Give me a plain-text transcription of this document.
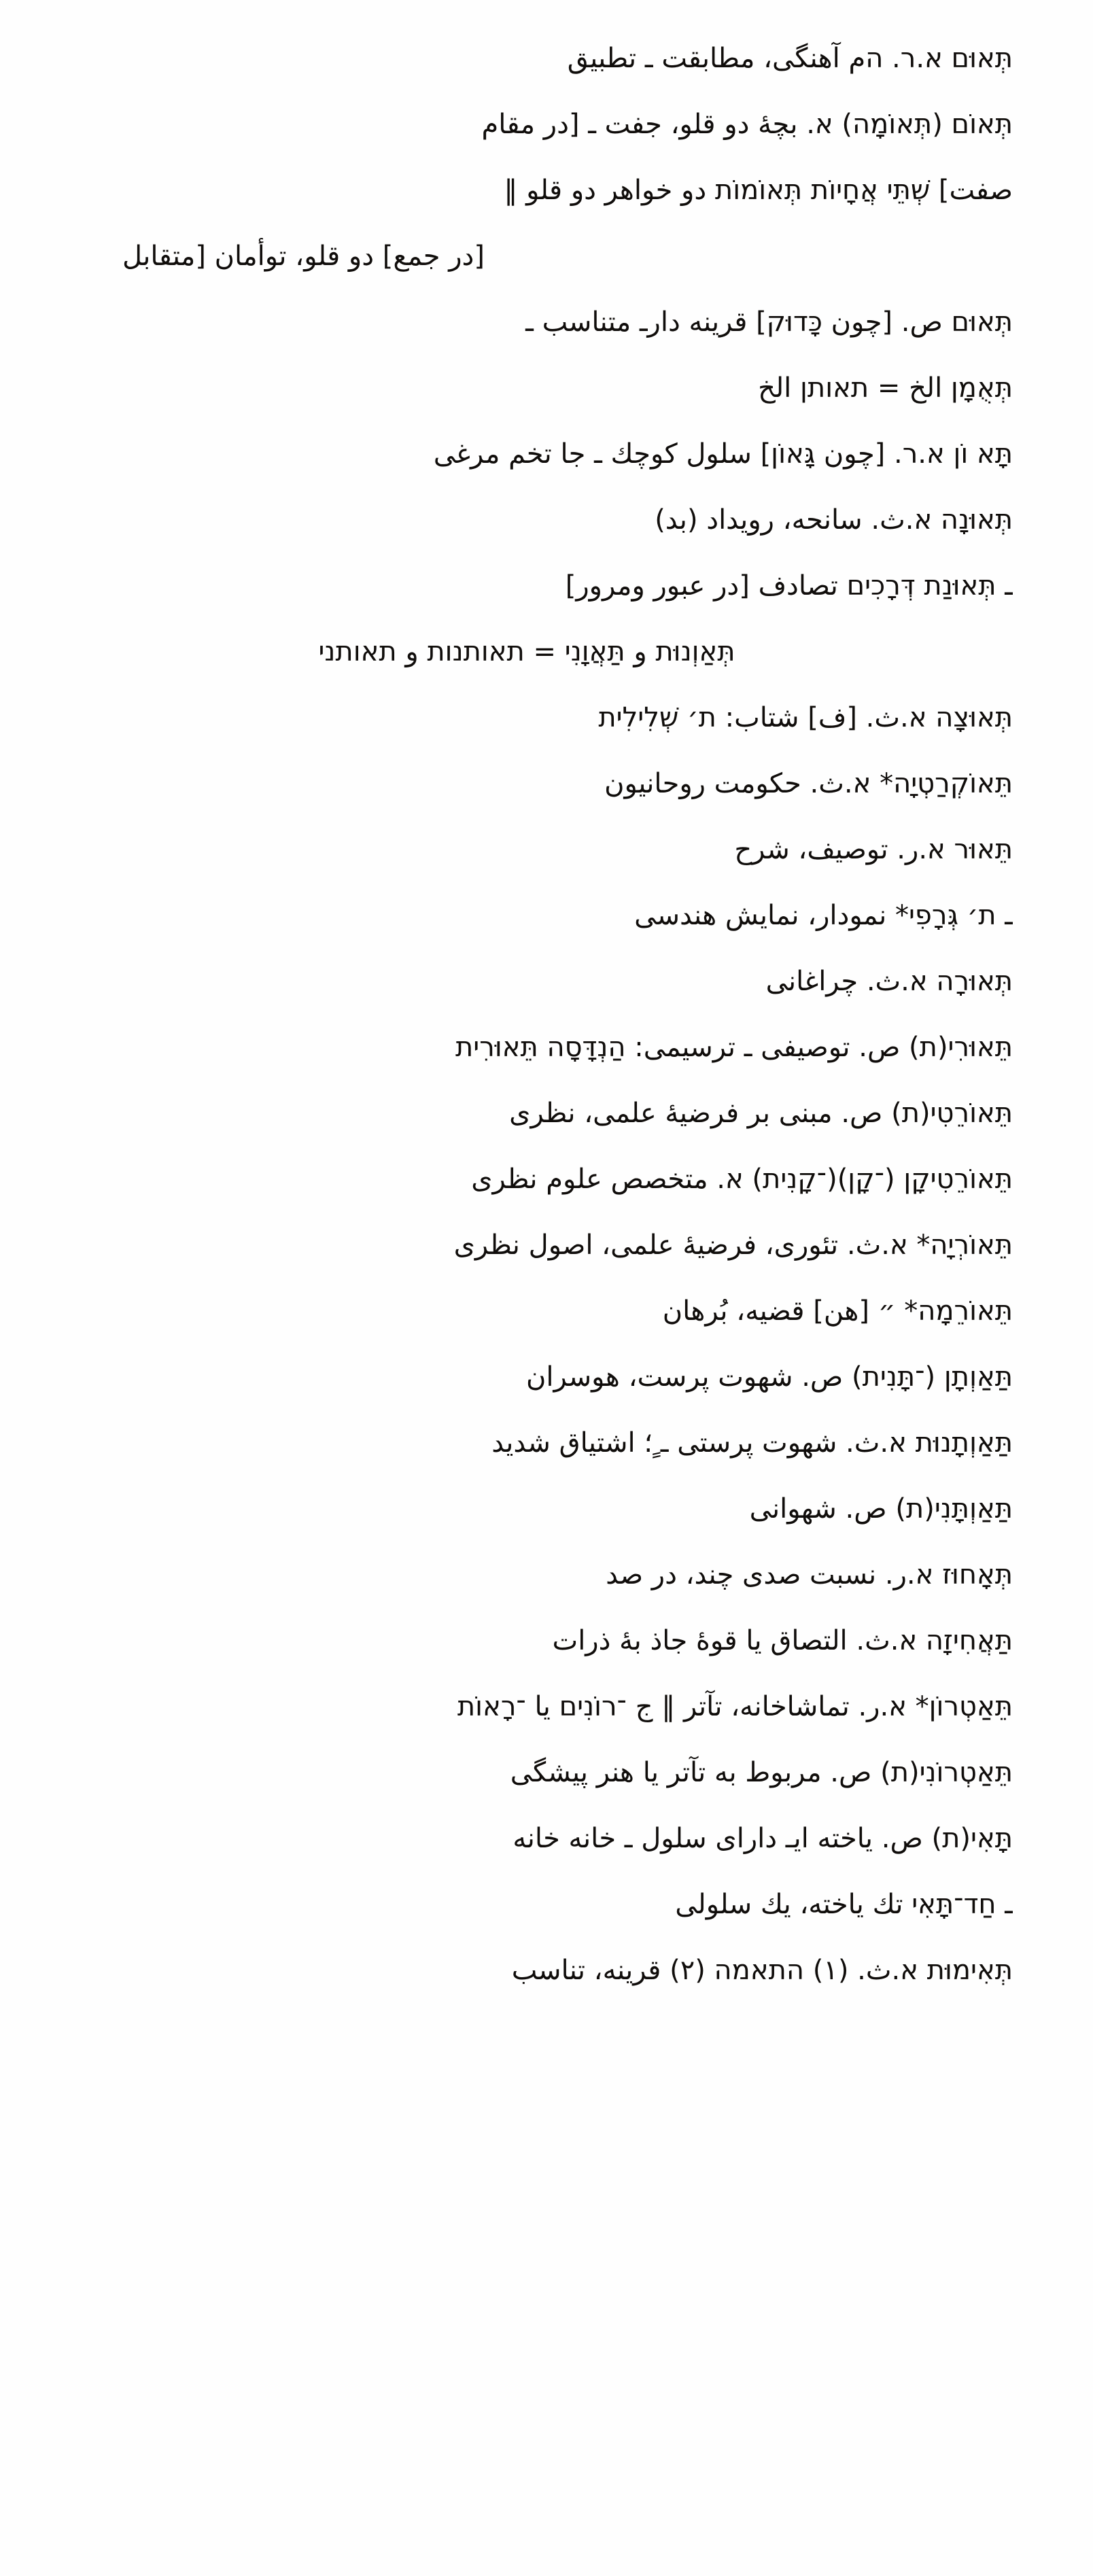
תְּאוּם א.ר. הم آهنگی، مطابقت ـ تطبیق
תְּאוֹם (תְּאוֹמָה) א. بچهٔ دو قلو، جفت ـ [در مقام
صفت] שְׁתֵּי אֲחָיוֹת תְּאוֹמוֹת دو خواهر دو قلو ‖
[در جمع] دو قلو، توأمان [متقابل
תְּאוּם ص. [چون כָּדוּק] قرینه دارـ متناسب ـ
תְּאֻמָן الخ = תאותן الخ
תָּא וֹן א.ר. [چون גָּאוֹן] سلول کوچك ـ جا تخم مرغی
תְּאוּנָה א.ث. سانحه، رویداد (بد)
ـ תְּאוּנַת דְּרָכִים تصادف [در عبور ومرور]
תְּאַוְנוּת و תַּאֲוָנִי = תאותנות و תאותני
תְּאוּצָה א.ث. [ف] شتاب: ת׳ שְׁלִילִית
תֵּאוֹקְרַטְיָה* א.ث. حکومت روحانیون
תֵּאוּר א.ر. توصیف، شرح
ـ ת׳ גְּרָפִי* نمودار، نمایش هندسی
תְּאוּרָה א.ث. چراغانی
תֵּאוּרִי(ת) ص. توصیفی ـ ترسیمی: הַנְדָּסָה תֵּאוּרִית
תֵּאוֹרֵטִי(ת) ص. مبنی بر فرضیهٔ علمی، نظری
תֵּאוֹרֵטִיקָן (־קָן)(־קָנִית) א. متخصص علوم نظری
תֵּאוֹרְיָה* א.ث. تئوری، فرضیهٔ علمی، اصول نظری
תֵּאוֹרֵמָה* ״ [هن] قضیه، بُرهان
תַּאַוְתָן (־תָּנִית) ص. شهوت پرست، هوسران
תַּאַוְתָנוּת א.ث. شهوت پرستی ـ ٍ؛ اشتیاق شدید
תַּאַוְתָּנִי(ת) ص. شهوانی
תְּאָחוּז א.ر. نسبت صدی چند، در صد
תַּאֲחִיזָה א.ث. التصاق یا قوهٔ جاذ بهٔ ذرات
תֵּאַטְרוֹן* א.ر. تماشاخانه، تآتر ‖ ج ־רוֹנִים یا ־רָאוֹת
תֵּאַטְרוֹנִי(ת) ص. مربوط به تآتر یا هنر پیشگی
תָּאִי(ת) ص. یاخته ایـ دارای سلول ـ خانه خانه
ـ חַד־תָּאִי تك یاخته، یك سلولی
תְּאִימוּת א.ث. (۱) התאמה (۲) قرینه، تناسب
